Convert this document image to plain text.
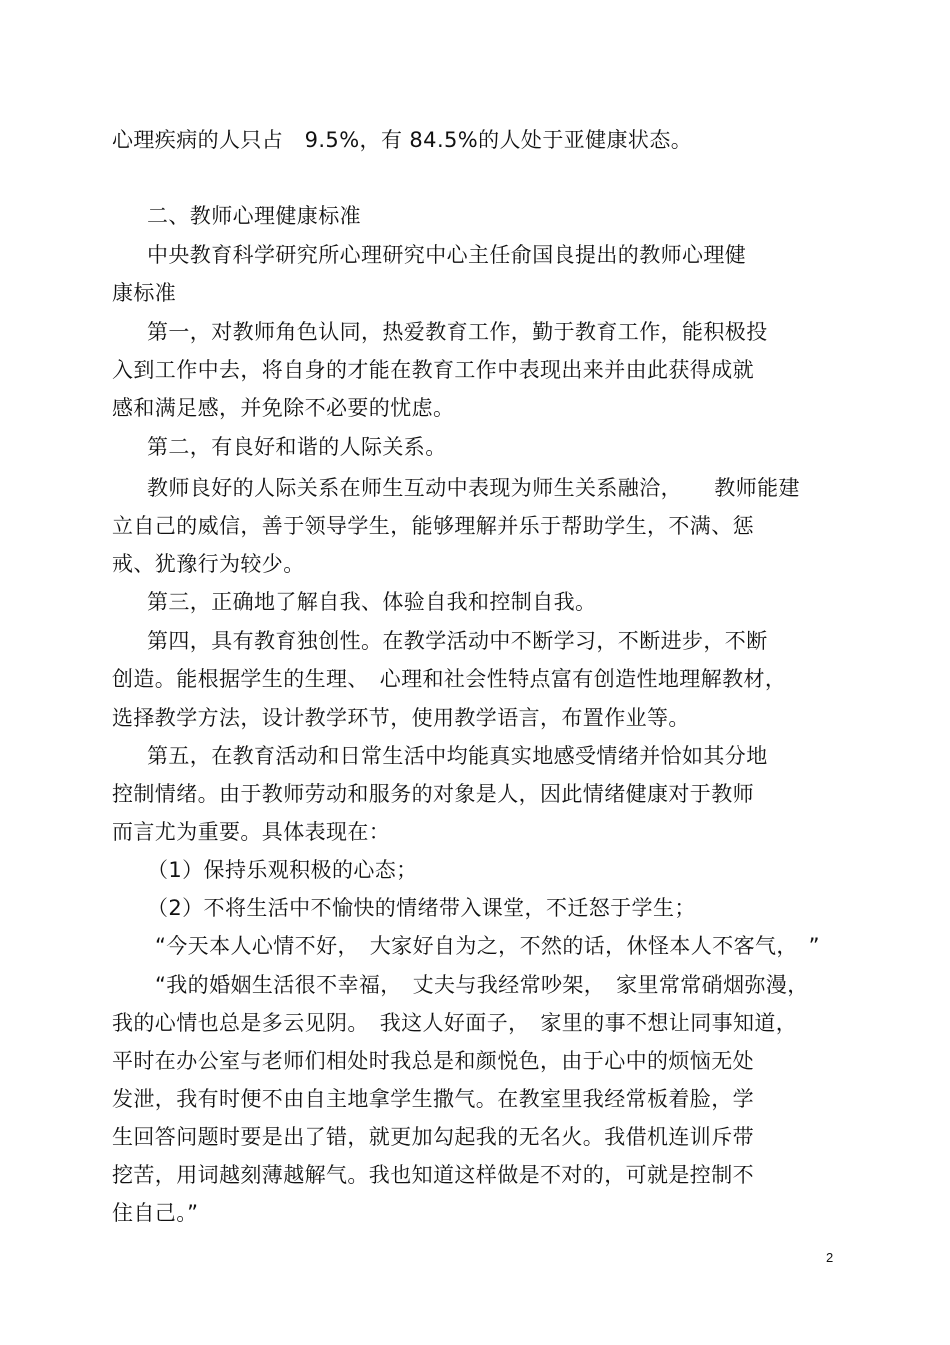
心理疾病的人只占　9.5%，有 84.5%的人处于亚健康状态。
二、教师心理健康标准
中央教育科学研究所心理研究中心主任俞国良提出的教师心理健
康标准
第一，对教师角色认同，热爱教育工作，勤于教育工作，能积极投
入到工作中去，将自身的才能在教育工作中表现出来并由此获得成就
感和满足感，并免除不必要的忧虑。
第二，有良好和谐的人际关系。
教师良好的人际关系在师生互动中表现为师生关系融洽，　　教师能建
立自己的威信，善于领导学生，能够理解并乐于帮助学生，不满、惩
戒、犹豫行为较少。
第三，正确地了解自我、体验自我和控制自我。
第四，具有教育独创性。在教学活动中不断学习，不断进步，不断
创造。能根据学生的生理、　心理和社会性特点富有创造性地理解教材，
选择教学方法，设计教学环节，使用教学语言，布置作业等。
第五，在教育活动和日常生活中均能真实地感受情绪并恰如其分地
控制情绪。由于教师劳动和服务的对象是人，因此情绪健康对于教师
而言尤为重要。具体表现在：
（1）保持乐观积极的心态；
（2）不将生活中不愉快的情绪带入课堂，不迁怒于学生；
“今天本人心情不好，　大家好自为之，不然的话，休怪本人不客气，　”
“我的婚姻生活很不幸福，　丈夫与我经常吵架，　家里常常硝烟弥漫，
我的心情也总是多云见阴。　我这人好面子，　家里的事不想让同事知道，
平时在办公室与老师们相处时我总是和颜悦色，由于心中的烦恼无处
发泄，我有时便不由自主地拿学生撒气。在教室里我经常板着脸，学
生回答问题时要是出了错，就更加勾起我的无名火。我借机连训斥带
挖苦，用词越刻薄越解气。我也知道这样做是不对的，可就是控制不
住自己。”
2
